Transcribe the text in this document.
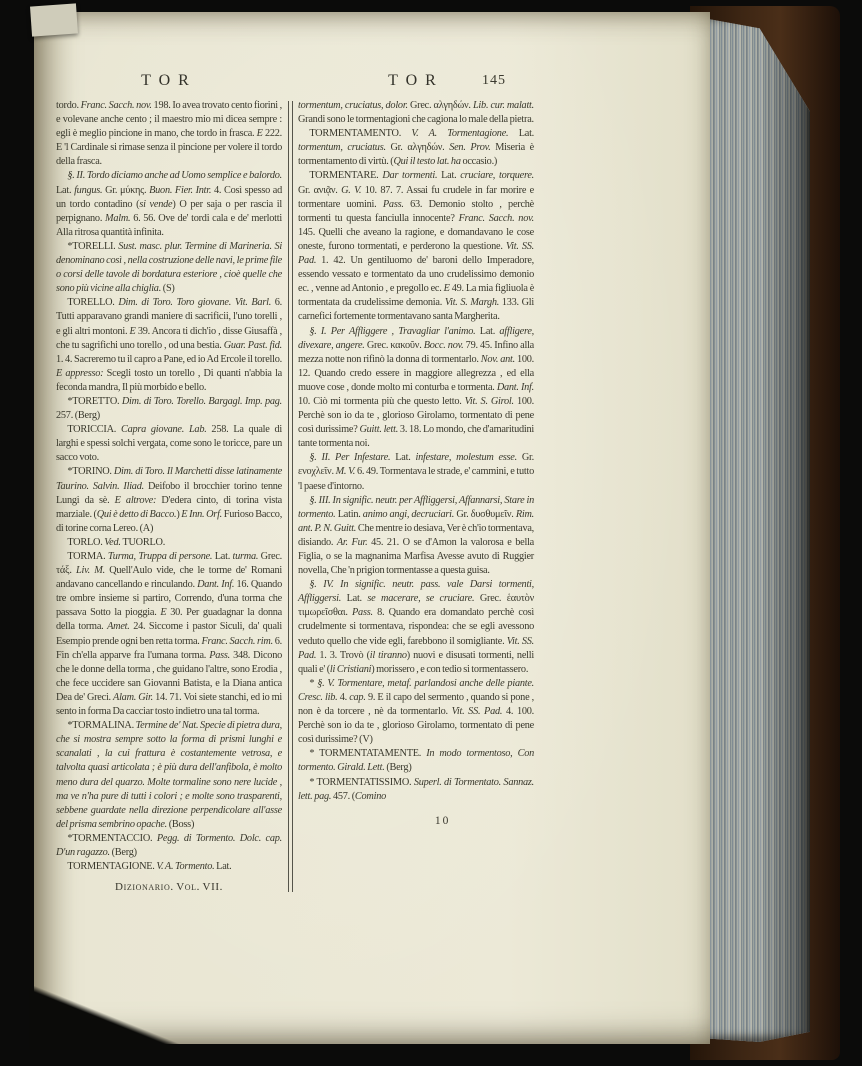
TOR	TOR	145

tordo. Franc. Sacch. nov. 198. Io avea trovato cento fiorini , e volevane anche cento ; il maestro mio mi dicea sempre : egli è meglio pincione in mano, che tordo in frasca. E 222. E 'l Cardinale si rimase senza il pincione per volere il tordo della frasca.

§. II. Tordo diciamo anche ad Uomo semplice e balordo. Lat. fungus. Gr. μύκης. Buon. Fier. Intr. 4. Così spesso ad un tordo contadino (si vende) O per saja o per rascia il perpignano. Malm. 6. 56. Ove de' tordi cala e de' merlotti Alla ritrosa quantità infinita.

*TORELLI. Sust. masc. plur. Termine di Marineria. Si denominano così , nella costruzione delle navi, le prime file o corsi delle tavole di bordatura esteriore , cioè quelle che sono più vicine alla chiglia. (S)

TORELLO. Dim. di Toro. Toro giovane. Vit. Barl. 6. Tutti apparavano grandi maniere di sacrificii, l'uno torelli , e gli altri montoni. E 39. Ancora ti dich'io , disse Giusaffà , che tu sagrifichi uno torello , od una bestia. Guar. Past. fid. 1. 4. Sacreremo tu il capro a Pane, ed io Ad Ercole il torello. E appresso: Scegli tosto un torello , Di quanti n'abbia la feconda mandra, Il più morbido e bello.

*TORETTO. Dim. di Toro. Torello. Bargagl. Imp. pag. 257. (Berg)

TORICCIA. Capra giovane. Lab. 258. La quale di larghi e spessi solchi vergata, come sono le toricce, pare un sacco voto.

*TORINO. Dim. di Toro. Il Marchetti disse latinamente Taurino. Salvin. Iliad. Deifobo il brocchier torino tenne Lungi da sè. E altrove: D'edera cinto, di torina vista marziale. (Qui è detto di Bacco.) E Inn. Orf. Furioso Bacco, di torine corna Lereo. (A)

TORLO. Ved. TUORLO.

TORMA. Turma, Truppa di persone. Lat. turma. Grec. τάξ. Liv. M. Quell'Aulo vide, che le torme de' Romani andavano cancellando e rinculando. Dant. Inf. 16. Quando tre ombre insieme si partiro, Correndo, d'una torma che passava Sotto la pioggia. E 30. Per guadagnar la donna della torma. Amet. 24. Siccome i pastor Siculi, da' quali Esempio prende ogni ben retta torma. Franc. Sacch. rim. 6. Fin ch'ella apparve fra l'umana torma. Pass. 348. Dicono che le donne della torma , che guidano l'altre, sono Erodia , che fece uccidere san Giovanni Batista, e la Diana antica Dea de' Greci. Alam. Gir. 14. 71. Voi siete stanchi, ed io mi sento in forma Da cacciar tosto indietro una tal torma.

*TORMALINA. Termine de' Nat. Specie di pietra dura, che si mostra sempre sotto la forma di prismi lunghi e scanalati , la cui frattura è costantemente vetrosa, e talvolta quasi articolata ; è più dura dell'anfibola, è molto meno dura del quarzo. Molte tormaline sono nere lucide , ma ve n'ha pure di tutti i colori ; e molte sono trasparenti, sebbene guardate nella direzione perpendicolare all'asse del prisma sembrino opache. (Boss)

*TORMENTACCIO. Pegg. di Tormento. Dolc. cap. D'un ragazzo. (Berg)

TORMENTAGIONE. V. A. Tormento. Lat.

Dizionario. Vol. VII.

tormentum, cruciatus, dolor. Grec. αλγηδών. Lib. cur. malatt. Grandi sono le tormentagioni che cagiona lo male della pietra.

TORMENTAMENTO. V. A. Tormentagione. Lat. tormentum, cruciatus. Gr. αλγηδών. Sen. Prov. Miseria è tormentamento di virtù. (Qui il testo lat. ha occasio.)

TORMENTARE. Dar tormenti. Lat. cruciare, torquere. Gr. ανιᾷν. G. V. 10. 87. 7. Assai fu crudele in far morire e tormentare uomini. Pass. 63. Demonio stolto , perchè tormenti tu questa fanciulla innocente? Franc. Sacch. nov. 145. Quelli che aveano la ragione, e domandavano le cose oneste, furono tormentati, e perderono la questione. Vit. SS. Pad. 1. 42. Un gentiluomo de' baroni dello Imperadore, essendo vessato e tormentato da uno crudelissimo demonio ec. , venne ad Antonio , e pregollo ec. E 49. La mia figliuola è tormentata da crudelissime demonia. Vit. S. Margh. 133. Gli carnefici fortemente tormentavano santa Margherita.

§. I. Per Affliggere , Travagliar l'animo. Lat. affligere, divexare, angere. Grec. κακοῦν. Bocc. nov. 79. 45. Infino alla mezza notte non rifinò la donna di tormentarlo. Nov. ant. 100. 12. Quando credo essere in maggiore allegrezza , ed ella muove cose , donde molto mi conturba e tormenta. Dant. Inf. 10. Ciò mi tormenta più che questo letto. Vit. S. Girol. 100. Perchè son io da te , glorioso Girolamo, tormentato di pene così durissime? Guitt. lett. 3. 18. Lo mondo, che d'amaritudini tante tormenta noi.

§. II. Per Infestare. Lat. infestare, molestum esse. Gr. ενοχλεῖν. M. V. 6. 49. Tormentava le strade, e' cammini, e tutto 'l paese d'intorno.

§. III. In signific. neutr. per Affliggersi, Affannarsi, Stare in tormento. Latin. animo angi, decruciari. Gr. δυσθυμεῖν. Rim. ant. P. N. Guitt. Che mentre io desiava, Ver è ch'io tormentava, disiando. Ar. Fur. 45. 21. O se d'Amon la valorosa e bella Figlia, o se la magnanima Marfisa Avesse avuto di Ruggier novella, Che 'n prigion tormentasse a questa guisa.

§. IV. In signific. neutr. pass. vale Darsi tormenti, Affliggersi. Lat. se macerare, se cruciare. Grec. ἑαυτὸν τιμωρεῖσθαι. Pass. 8. Quando era domandato perchè così crudelmente si tormentava, rispondea: che se egli avessono veduto quello che vide egli, farebbono il somigliante. Vit. SS. Pad. 1. 3. Trovò (il tiranno) nuovi e disusati tormenti, nelli quali e' (li Cristiani) morissero , e con tedio si tormentassero.

* §. V. Tormentare, metaf. parlandosi anche delle piante. Cresc. lib. 4. cap. 9. E il capo del sermento , quando si pone , non è da torcere , nè da tormentarlo. Vit. SS. Pad. 4. 100. Perchè son io da te , glorioso Girolamo, tormentato di pene così durissime? (V)

* TORMENTATAMENTE. In modo tormentoso, Con tormento. Girald. Lett. (Berg)

* TORMENTATISSIMO. Superl. di Tormentato. Sannaz. lett. pag. 457. (Comino

10
